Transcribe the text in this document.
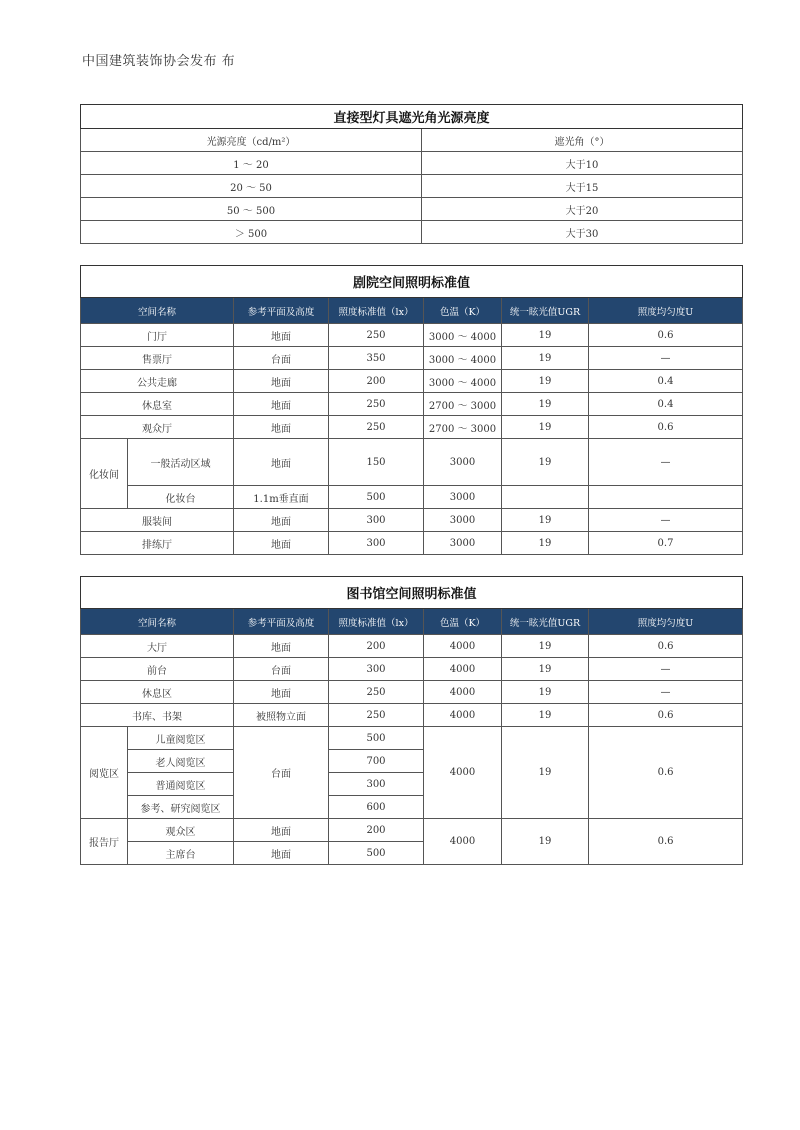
中国建筑装饰协会发布 布
直接型灯具遮光角光源亮度	
光源亮度（cd/m²）	遮光角（°）
1 ～ 20	大于10
20 ～ 50	大于15
50 ～ 500	大于20
＞ 500	大于30
剧院空间照明标准值						
空间名称		参考平面及高度	照度标准值（lx）	色温（K）	统一眩光值UGR	照度均匀度U
门厅		地面	250	3000 ～ 4000	19	0.6
售票厅		台面	350	3000 ～ 4000	19	—
公共走廊		地面	200	3000 ～ 4000	19	0.4
休息室		地面	250	2700 ～ 3000	19	0.4
观众厅		地面	250	2700 ～ 3000	19	0.6
化妆间	一般活动区域	地面	150	3000	19	—
	化妆台	1.1m垂直面	500	3000		
服装间		地面	300	3000	19	—
排练厅		地面	300	3000	19	0.7
图书馆空间照明标准值						
空间名称		参考平面及高度	照度标准值（lx）	色温（K）	统一眩光值UGR	照度均匀度U
大厅		地面	200	4000	19	0.6
前台		台面	300	4000	19	—
休息区		地面	250	4000	19	—
书库、书架		被照物立面	250	4000	19	0.6
阅览区	儿童阅览区	台面	500	4000	19	0.6
	老人阅览区		700			
	普通阅览区		300			
	参考、研究阅览区		600			
报告厅	观众区	地面	200	4000	19	0.6
	主席台	地面	500			
